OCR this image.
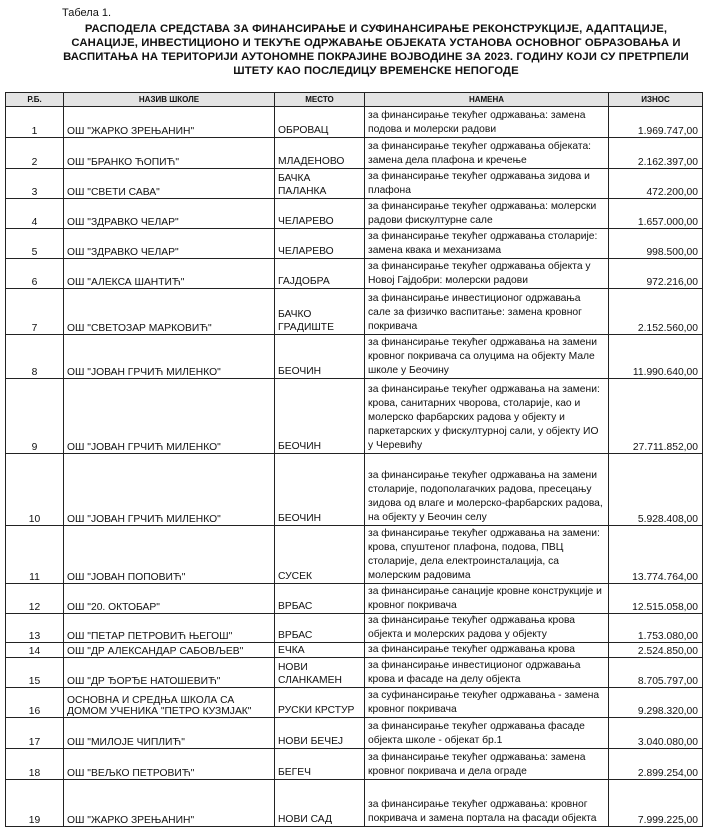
Табела 1.
РАСПОДЕЛА СРЕДСТАВА ЗА ФИНАНСИРАЊЕ И СУФИНАНСИРАЊЕ РЕКОНСТРУКЦИЈЕ, АДАПТАЦИЈЕ, САНАЦИЈЕ, ИНВЕСТИЦИОНО И ТЕКУЋЕ ОДРЖАВАЊЕ ОБЈЕКАТА УСТАНОВА ОСНОВНОГ ОБРАЗОВАЊА И ВАСПИТАЊА НА ТЕРИТОРИЈИ АУТОНОМНЕ ПОКРАЈИНЕ ВОЈВОДИНЕ ЗА 2023. ГОДИНУ КОЈИ СУ ПРЕТРПЕЛИ ШТЕТУ КАО ПОСЛЕДИЦУ ВРЕМЕНСКЕ НЕПОГОДЕ
Р.Б.	НАЗИВ ШКОЛЕ	МЕСТО	НАМЕНА	ИЗНОС
1	ОШ "ЖАРКО ЗРЕЊАНИН"	ОБРОВАЦ	за финансирање текућег одржавања: замена подова и молерски радови	1.969.747,00
2	ОШ "БРАНКО ЋОПИЋ"	МЛАДЕНОВО	за финансирање текућег одржавања објеката: замена дела плафона и кречење	2.162.397,00
3	ОШ "СВЕТИ САВА"	БАЧКА ПАЛАНКА	за финансирање текућег одржавања зидова и плафона	472.200,00
4	ОШ "ЗДРАВКО ЧЕЛАР"	ЧЕЛАРЕВО	за финансирање текућег одржавања: молерски радови фискултурне сале	1.657.000,00
5	ОШ "ЗДРАВКО ЧЕЛАР"	ЧЕЛАРЕВО	за финансирање текућег одржавања столарије: замена квака и механизама	998.500,00
6	ОШ "АЛЕКСА ШАНТИЋ"	ГАЈДОБРА	за финансирање текућег одржавања објекта у Новој Гајдобри: молерски радови	972.216,00
7	ОШ "СВЕТОЗАР МАРКОВИЋ"	БАЧКО ГРАДИШТЕ	за финансирање инвестиционог одржавања сале за физичко васпитање: замена кровног покривача	2.152.560,00
8	ОШ "ЈОВАН ГРЧИЋ МИЛЕНКО"	БЕОЧИН	за финансирање текућег одржавања на замени кровног покривача са олуцима на објекту Мале школе у Беочину	11.990.640,00
9	ОШ "ЈОВАН ГРЧИЋ МИЛЕНКО"	БЕОЧИН	за финансирање текућег одржавања на замени: крова, санитарних чворова, столарије, као и молерско фарбарских радова у објекту и паркетарских у фискултурној сали, у објекту ИО у Черевићу	27.711.852,00
10	ОШ "ЈОВАН ГРЧИЋ МИЛЕНКО"	БЕОЧИН	за финансирање текућег одржавања на замени столарије, подополагачких радова, пресецању зидова од влаге и молерско-фарбарских радова, на објекту у Беочин селу	5.928.408,00
11	ОШ "ЈОВАН ПОПОВИЋ"	СУСЕК	за финансирање текућег одржавања на замени: крова, спуштеног плафона, подова, ПВЦ столарије, дела електроинсталација, са молерским радовима	13.774.764,00
12	ОШ "20. ОКТОБАР"	ВРБАС	за финансирање санације кровне конструкције и кровног покривача	12.515.058,00
13	ОШ "ПЕТАР ПЕТРОВИЋ ЊЕГОШ"	ВРБАС	за финансирање текућег одржавања крова објекта и молерских радова у објекту	1.753.080,00
14	ОШ "ДР АЛЕКСАНДАР САБОВЉЕВ"	ЕЧКА	за финансирање текућег одржавања крова	2.524.850,00
15	ОШ "ДР ЂОРЂЕ НАТОШЕВИЋ"	НОВИ СЛАНКАМЕН	за финансирање инвестиционог одржавања крова и фасаде на делу објекта	8.705.797,00
16	ОСНОВНА И СРЕДЊА ШКОЛА СА ДОМОМ УЧЕНИКА "ПЕТРО КУЗМЈАК"	РУСКИ КРСТУР	за суфинансирање текућег одржавања - замена кровног покривача	9.298.320,00
17	ОШ "МИЛОЈЕ ЧИПЛИЋ"	НОВИ БЕЧЕЈ	за финансирање текућег одржавања фасаде објекта школе - објекат бр.1	3.040.080,00
18	ОШ "ВЕЉКО ПЕТРОВИЋ"	БЕГЕЧ	за финансирање текућег одржавања: замена кровног покривача и дела ограде	2.899.254,00
19	ОШ "ЖАРКО ЗРЕЊАНИН"	НОВИ САД	за финансирање текућег одржавања: кровног покривача и замена портала на фасади објекта	7.999.225,00
